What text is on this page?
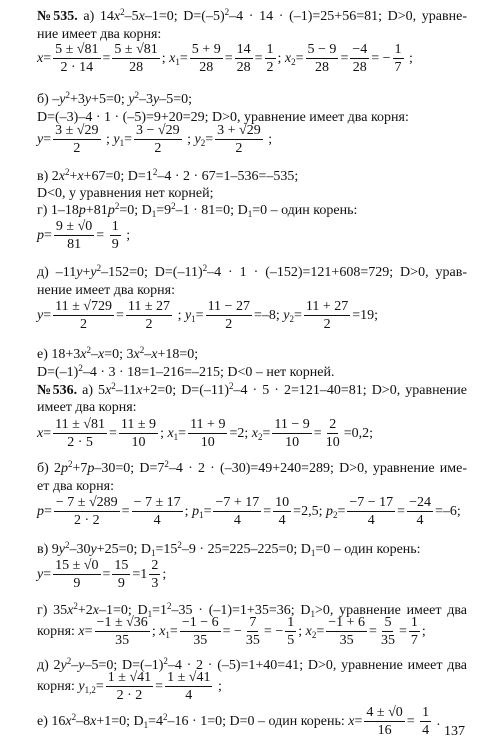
№535. а) $14x^2-5x-1=0$; $D=(-5)^2-4 \cdot 14 \cdot (-1)=25+56=81$; D>0, уравне-
ние имеет два корня:
$x= \frac{5 \pm √81}{2 \cdot 14} = \frac{5 \pm √81}{28}$ ; $x_1= \frac{5 + 9}{28} = \frac{14}{28} = \frac{1}{2}$ ; $x_2= \frac{5 - 9}{28} = \frac{-4}{28}$ = − $\frac{1}{7}$ ;
б) $-y^2+3y+5=0$; $y^2-3y-5=0$;
D=(–3)–4 · 1 · (–5)=9+20=29; D>0, уравнение имеет два корня:
$y= \frac{3 \pm √29}{2}$ ; $y_1= \frac{3 - √29}{2}$ ; $y_2= \frac{3 + √29}{2}$ ;
в) $2x^2+x+67=0$; $D=1^2-4 \cdot 2 \cdot 67=1-536=-535$;
D<0, у уравнения нет корней;
г) $1-18p+81p^2=0$; $D_1=9^2-1 \cdot 81=0$; $D_1=0$ – один корень:
$p= \frac{9 \pm √0}{81} = \frac{1}{9}$ ;
д) $-11y+y^2-152=0$; $D=(-11)^2-4 \cdot 1 \cdot (-152)=121+608=729$; D>0, урав-
нение имеет два корня:
$y= \frac{11 \pm √729}{2} = \frac{11 \pm 27}{2}$ ; $y_1= \frac{11 - 27}{2} =-8$; $y_2= \frac{11 + 27}{2} =19$;
е) $18+3x^2-x=0$; $3x^2-x+18=0$;
$D=(-1)^2-4 \cdot 3 \cdot 18=1-216=-215$; D<0 – нет корней.
№536. а) $5x^2-11x+2=0$; $D=(-11)^2-4 \cdot 5 \cdot 2=121-40=81$; D>0, уравнение
имеет два корня:
$x= \frac{11 \pm √81}{2 \cdot 5} = \frac{11 \pm 9}{10}$ ; $x_1= \frac{11 + 9}{10} =2$; $x_2= \frac{11 - 9}{10} = \frac{2}{10} =0,2$;
б) $2p^2+7p-30=0$; $D=7^2-4 \cdot 2 \cdot (-30)=49+240=289$; D>0, уравнение име-
ет два корня:
$p= \frac{- 7 \pm √289}{2 \cdot 2} = \frac{- 7 \pm 17}{4}$ ; $p_1= \frac{-7 + 17}{4} = \frac{10}{4} =2,5$; $p_2= \frac{-7 - 17}{4} = \frac{-24}{4} =-6$;
в) $9y^2-30y+25=0$; $D_1=15^2-9 \cdot 25=225-225=0$; $D_1=0$ – один корень:
$y= \frac{15 \pm √0}{9} = \frac{15}{9} =1 \frac{2}{3}$ ;
г) $35x^2+2x-1=0$; $D_1=1^2-35 \cdot (-1)=1+35=36$; $D_1>0$, уравнение имеет два
корня: $x= \frac{-1 \pm √36}{35}$ ; $x_1= \frac{-1 - 6}{35}$ = − $\frac{7}{35}$ = − $\frac{1}{5}$ ; $x_2= \frac{-1 + 6}{35} = \frac{5}{35} = \frac{1}{7}$ ;
д) $2y^2-y-5=0$; $D=(-1)^2-4 \cdot 2 \cdot (-5)=1+40=41$; D>0, уравнение имеет два
корня: $y_{1,2}= \frac{1 \pm √41}{2 \cdot 2} = \frac{1 \pm √41}{4}$ ;
е) $16x^2-8x+1=0$; $D_1=4^2-16 \cdot 1=0$; D=0 – один корень: $x= \frac{4 \pm √0}{16} = \frac{1}{4}$ .
137
